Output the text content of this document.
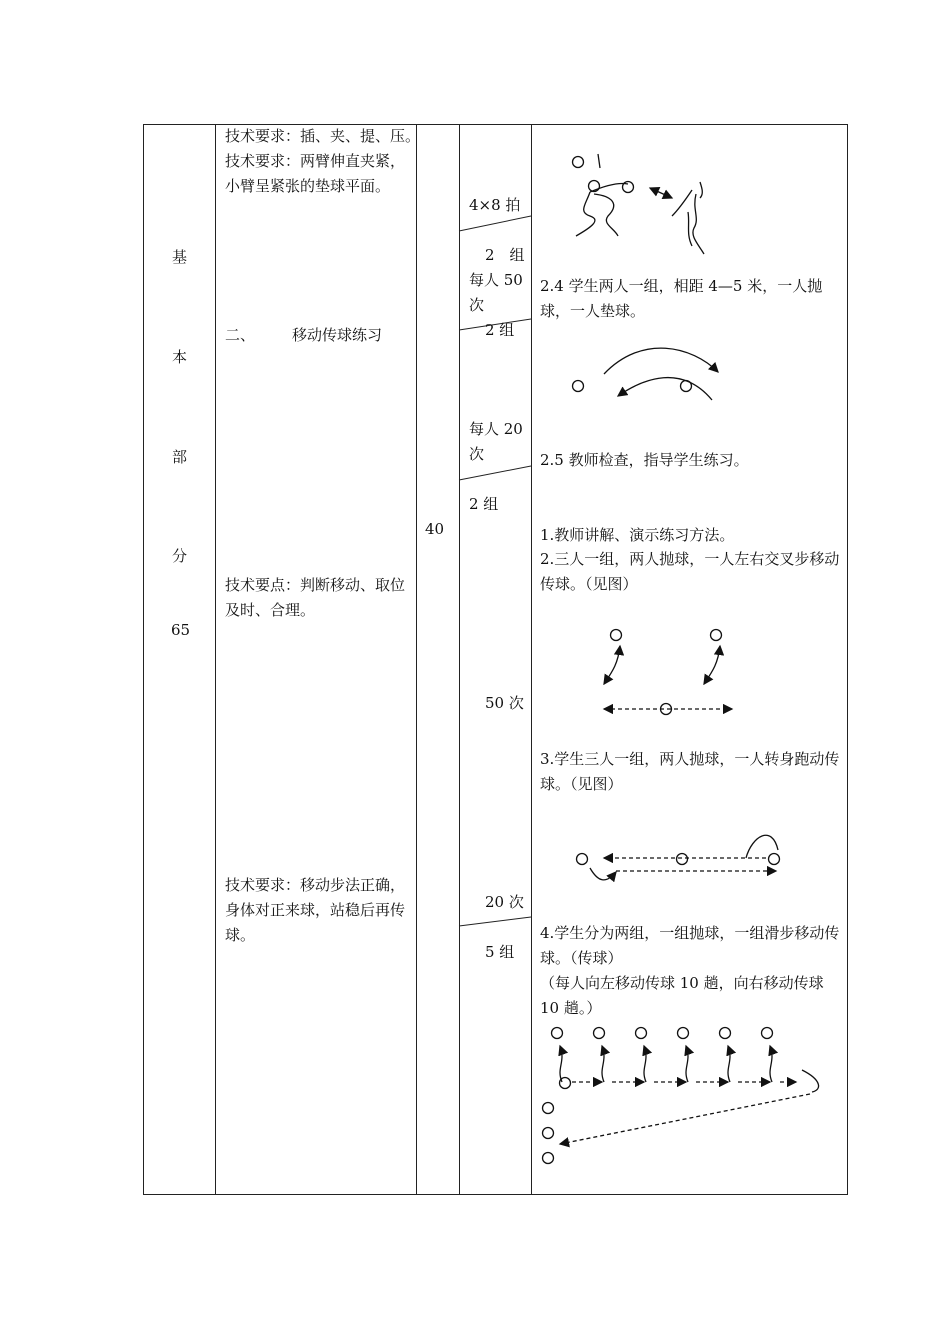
基
本
部
分
65
技术要求：插、夹、提、压。
技术要求：两臂伸直夹紧，小臂呈紧张的垫球平面。
二、 移动传球练习
技术要点：判断移动、取位及时、合理。
技术要求：移动步法正确，身体对正来球，站稳后再传球。
40
4×8 拍
2　组
每人 50 次
2 组
每人 20 次
2 组
50 次
20 次
5 组
2.4 学生两人一组，相距 4—5 米，一人抛球，一人垫球。
2.5 教师检查，指导学生练习。
1.教师讲解、演示练习方法。
2.三人一组，两人抛球，一人左右交叉步移动传球。（见图）
3.学生三人一组，两人抛球，一人转身跑动传球。（见图）
4.学生分为两组，一组抛球，一组滑步移动传球。（传球）
（每人向左移动传球 10 趟，向右移动传球 10 趟。）
